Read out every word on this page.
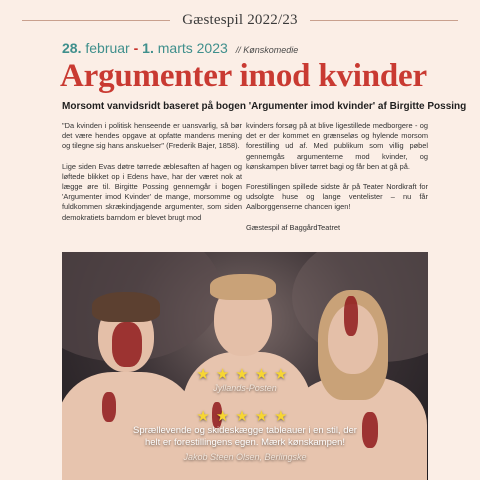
Gæstespil 2022/23
28. februar - 1. marts 2023 // Kønskomedie
Argumenter imod kvinder
Morsomt vanvidsridt baseret på bogen 'Argumenter imod kvinder' af Birgitte Possing

"Da kvinden i politisk henseende er uansvarlig, så bør det være hendes opgave at opfatte mandens mening og tilegne sig hans anskuelser" (Frederik Bajer, 1858).

Lige siden Evas døtre tørrede æblesaften af hagen og løftede blikket op i Edens have, har der været nok at lægge øre til. Birgitte Possing gennemgår i bogen 'Argumenter imod Kvinder' de mange, morsomme og fuldkommen skrækindjagende argumenter, som siden demokratiets barndom er blevet brugt mod

kvinders forsøg på at blive ligestillede medborgere - og det er der kommet en grænseløs og hylende morsom forestilling ud af. Med publikum som villig pøbel gennemgås argumenterne mod kvinder, og kønskampen bliver tørret bagi og får ben at gå på.

Forestillingen spillede sidste år på Teater Nordkraft for udsolgte huse og lange ventelister – nu får Aalborggenserne chancen igen!

Gæstespil af BaggårdTeatret

★★★★★
Jyllands-Posten
★★★★★
Sprællevende og skideskæggе tableauer i en stil, der
helt er forestillingens egen. Mærk kønskampen!
Jakob Steen Olsen, Berlingske
